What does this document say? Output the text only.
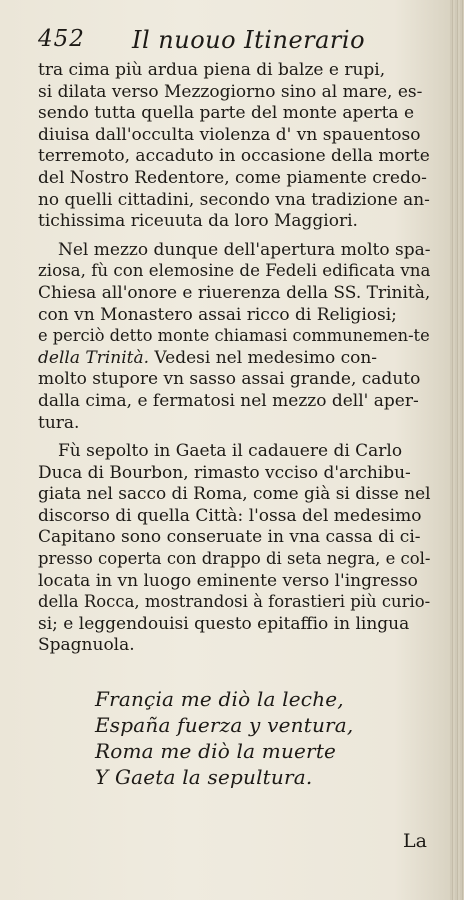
452 Il nuouo Itinerario
tra cima più ardua piena di balze e rupi,
si dilata verso Mezzogiorno sino al mare, es-
sendo tutta quella parte del monte aperta e
diuisa dall'occulta violenza d' vn spauentoso
terremoto, accaduto in occasione della morte
del Nostro Redentore, come piamente credo-
no quelli cittadini, secondo vna tradizione an-
tichissima riceuuta da loro Maggiori.
Nel mezzo dunque dell'apertura molto spa-
ziosa, fù con elemosine de Fedeli edificata vna
Chiesa all'onore e riuerenza della SS. Trinità,
con vn Monastero assai ricco di Religiosi;
e perciò detto monte chiamasi communemen-te
della Trinità. Vedesi nel medesimo con-
molto stupore vn sasso assai grande, caduto
dalla cima, e fermatosi nel mezzo dell' aper-
tura.
Fù sepolto in Gaeta il cadauere di Carlo
Duca di Bourbon, rimasto vcciso d'archibu-
giata nel sacco di Roma, come già si disse nel
discorso di quella Città: l'ossa del medesimo
Capitano sono conseruate in vna cassa di ci-
presso coperta con drappo di seta negra, e col-
locata in vn luogo eminente verso l'ingresso
della Rocca, mostrandosi à forastieri più curio-
si; e leggendouisi questo epitaffio in lingua
Spagnuola.
Françia me diò la leche,
España fuerza y ventura,
Roma me diò la muerte
Y Gaeta la sepultura.
La
